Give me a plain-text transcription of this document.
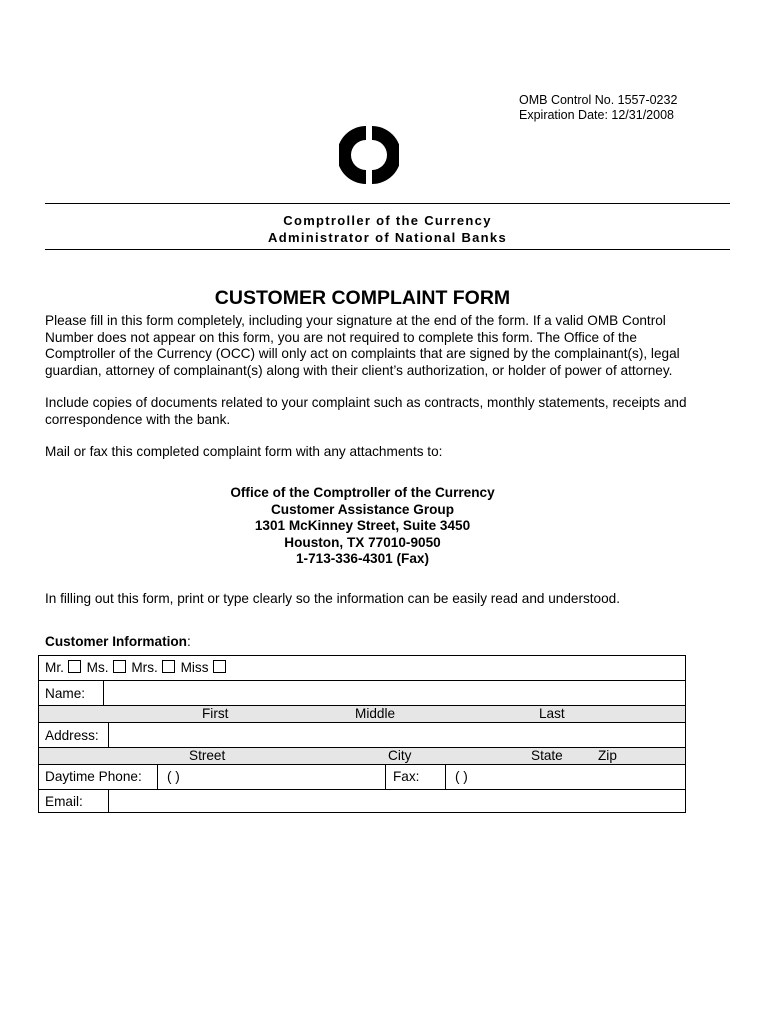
OMB Control No. 1557-0232
Expiration Date: 12/31/2008
Comptroller of the Currency
Administrator of National Banks
CUSTOMER COMPLAINT FORM

Please fill in this form completely, including your signature at the end of the form. If a valid OMB Control Number does not appear on this form, you are not required to complete this form. The Office of the Comptroller of the Currency (OCC) will only act on complaints that are signed by the complainant(s), legal guardian, attorney of complainant(s) along with their client’s authorization, or holder of power of attorney.

Include copies of documents related to your complaint such as contracts, monthly statements, receipts and correspondence with the bank.

Mail or fax this completed complaint form with any attachments to:

Office of the Comptroller of the Currency
Customer Assistance Group
1301 McKinney Street, Suite 3450
Houston, TX 77010-9050
1-713-336-4301 (Fax)

In filling out this form, print or type clearly so the information can be easily read and understood.

Customer Information:
Mr. Ms. Mrs. Miss
Name:
First	Middle	Last
Address:
Street	City	State	Zip
Daytime Phone: ( )	Fax:	( )
Email:
